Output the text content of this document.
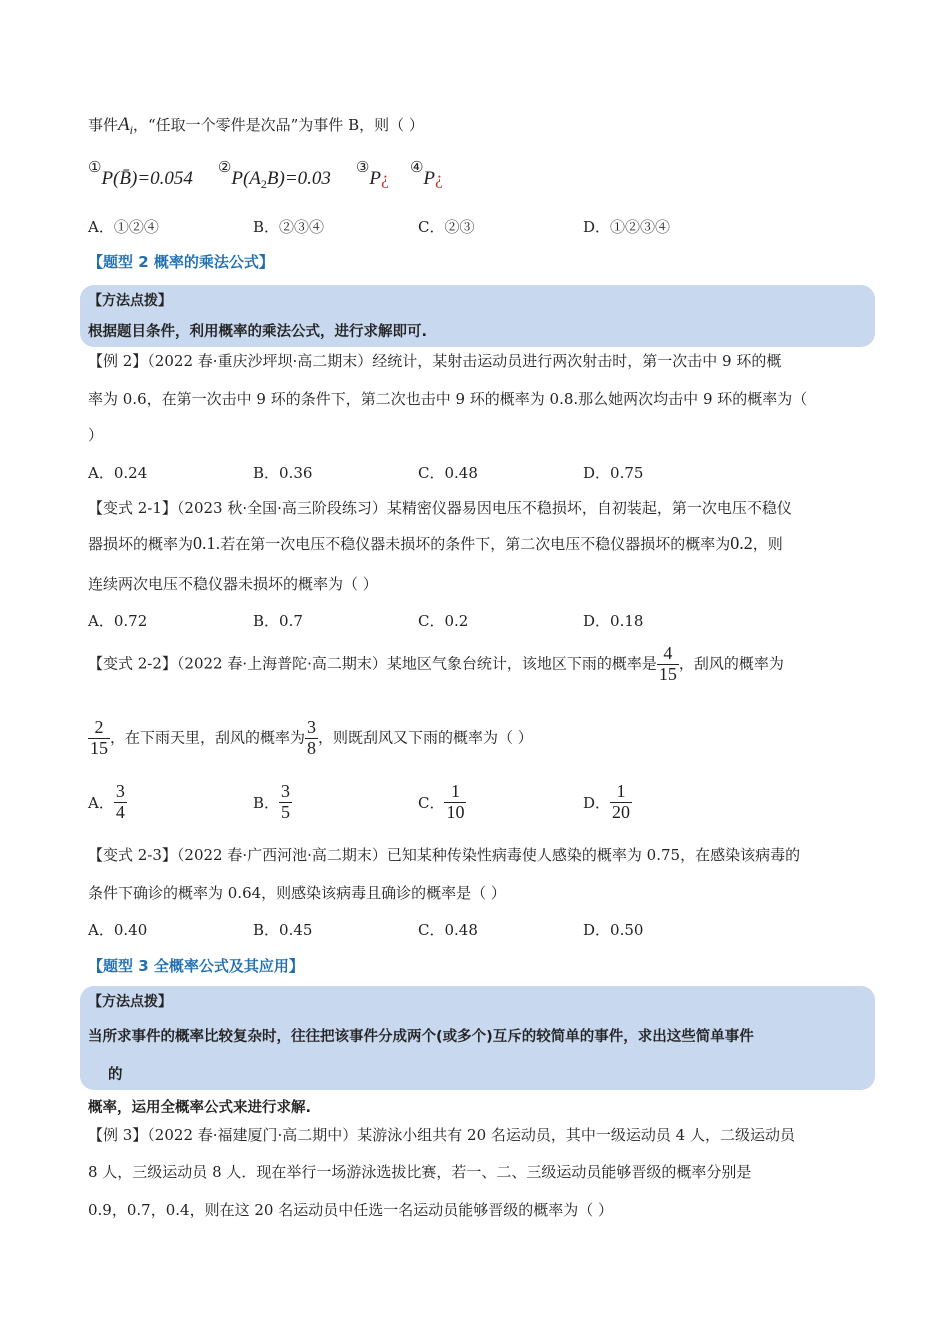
事件$A_i$，“任取一个零件是次品”为事件 B，则（ ）
①P(B̄)=0.054  $^②P(A_2B)=0.03$  ③P¿  ④P¿
A．①②④	B．②③④	C．②③	D．①②③④
【题型 2 概率的乘法公式】
【方法点拨】
根据题目条件，利用概率的乘法公式，进行求解即可.
【例 2】（2022 春·重庆沙坪坝·高二期末）经统计，某射击运动员进行两次射击时，第一次击中 9 环的概
率为 0.6，在第一次击中 9 环的条件下，第二次也击中 9 环的概率为 0.8.那么她两次均击中 9 环的概率为（
）
A．0.24	B．0.36	C．0.48	D．0.75
【变式 2-1】（2023 秋·全国·高三阶段练习）某精密仪器易因电压不稳损坏，自初装起，第一次电压不稳仪
器损坏的概率为0.1.若在第一次电压不稳仪器未损坏的条件下，第二次电压不稳仪器损坏的概率为0.2，则
连续两次电压不稳仪器未损坏的概率为（ ）
A．0.72	B．0.7	C．0.2	D．0.18
【变式 2-2】（2022 春·上海普陀·高二期末）某地区气象台统计，该地区下雨的概率是 $\frac{4}{15}$ ，刮风的概率为
$\frac{2}{15}$ ，在下雨天里，刮风的概率为 $\frac{3}{8}$ ，则既刮风又下雨的概率为（ ）
A． $\frac{3}{4}$	B． $\frac{3}{5}$	C． $\frac{1}{10}$	D． $\frac{1}{20}$
【变式 2-3】（2022 春·广西河池·高二期末）已知某种传染性病毒使人感染的概率为 0.75，在感染该病毒的
条件下确诊的概率为 0.64，则感染该病毒且确诊的概率是（ ）
A．0.40	B．0.45	C．0.48	D．0.50
【题型 3 全概率公式及其应用】
【方法点拨】
当所求事件的概率比较复杂时，往往把该事件分成两个(或多个)互斥的较简单的事件，求出这些简单事件
的
概率，运用全概率公式来进行求解.
【例 3】（2022 春·福建厦门·高二期中）某游泳小组共有 20 名运动员，其中一级运动员 4 人，二级运动员
8 人，三级运动员 8 人．现在举行一场游泳选拔比赛，若一、二、三级运动员能够晋级的概率分别是
0.9，0.7，0.4，则在这 20 名运动员中任选一名运动员能够晋级的概率为（ ）
